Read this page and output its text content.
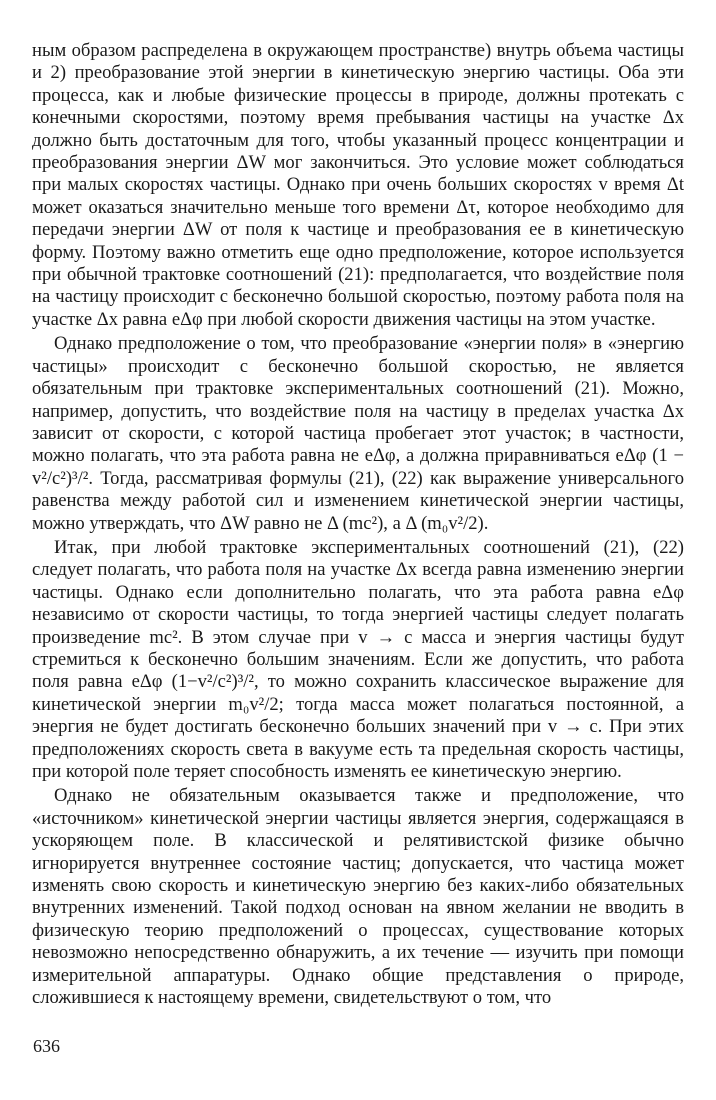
ным образом распределена в окружающем пространстве) внутрь объема частицы и 2) преобразование этой энергии в кинетическую энергию частицы. Оба эти процесса, как и любые физические процессы в природе, должны протекать с конечными скоростями, поэтому время пребывания частицы на участке Δx должно быть достаточным для того, чтобы указанный процесс концентрации и преобразования энергии ΔW мог закончиться. Это условие может соблюдаться при малых скоростях частицы. Однако при очень больших скоростях v время Δt может оказаться значительно меньше того времени Δτ, которое необходимо для передачи энергии ΔW от поля к частице и преобразования ее в кинетическую форму. Поэтому важно отметить еще одно предположение, которое используется при обычной трактовке соотношений (21): предполагается, что воздействие поля на частицу происходит с бесконечно большой скоростью, поэтому работа поля на участке Δx равна eΔφ при любой скорости движения частицы на этом участке.

Однако предположение о том, что преобразование «энергии поля» в «энергию частицы» происходит с бесконечно большой скоростью, не является обязательным при трактовке экспериментальных соотношений (21). Можно, например, допустить, что воздействие поля на частицу в пределах участка Δx зависит от скорости, с которой частица пробегает этот участок; в частности, можно полагать, что эта работа равна не eΔφ, а должна приравниваться eΔφ (1 − v²/c²)³/². Тогда, рассматривая формулы (21), (22) как выражение универсального равенства между работой сил и изменением кинетической энергии частицы, можно утверждать, что ΔW равно не Δ (mc²), а Δ (m₀v²/2).

Итак, при любой трактовке экспериментальных соотношений (21), (22) следует полагать, что работа поля на участке Δx всегда равна изменению энергии частицы. Однако если дополнительно полагать, что эта работа равна eΔφ независимо от скорости частицы, то тогда энергией частицы следует полагать произведение mc². В этом случае при v → c масса и энергия частицы будут стремиться к бесконечно большим значениям. Если же допустить, что работа поля равна eΔφ (1−v²/c²)³/², то можно сохранить классическое выражение для кинетической энергии m₀v²/2; тогда масса может полагаться постоянной, а энергия не будет достигать бесконечно больших значений при v → c. При этих предположениях скорость света в вакууме есть та предельная скорость частицы, при которой поле теряет способность изменять ее кинетическую энергию.

Однако не обязательным оказывается также и предположение, что «источником» кинетической энергии частицы является энергия, содержащаяся в ускоряющем поле. В классической и релятивистской физике обычно игнорируется внутреннее состояние частиц; допускается, что частица может изменять свою скорость и кинетическую энергию без каких-либо обязательных внутренних изменений. Такой подход основан на явном желании не вводить в физическую теорию предположений о процессах, существование которых невозможно непосредственно обнаружить, а их течение — изучить при помощи измерительной аппаратуры. Однако общие представления о природе, сложившиеся к настоящему времени, свидетельствуют о том, что

636
